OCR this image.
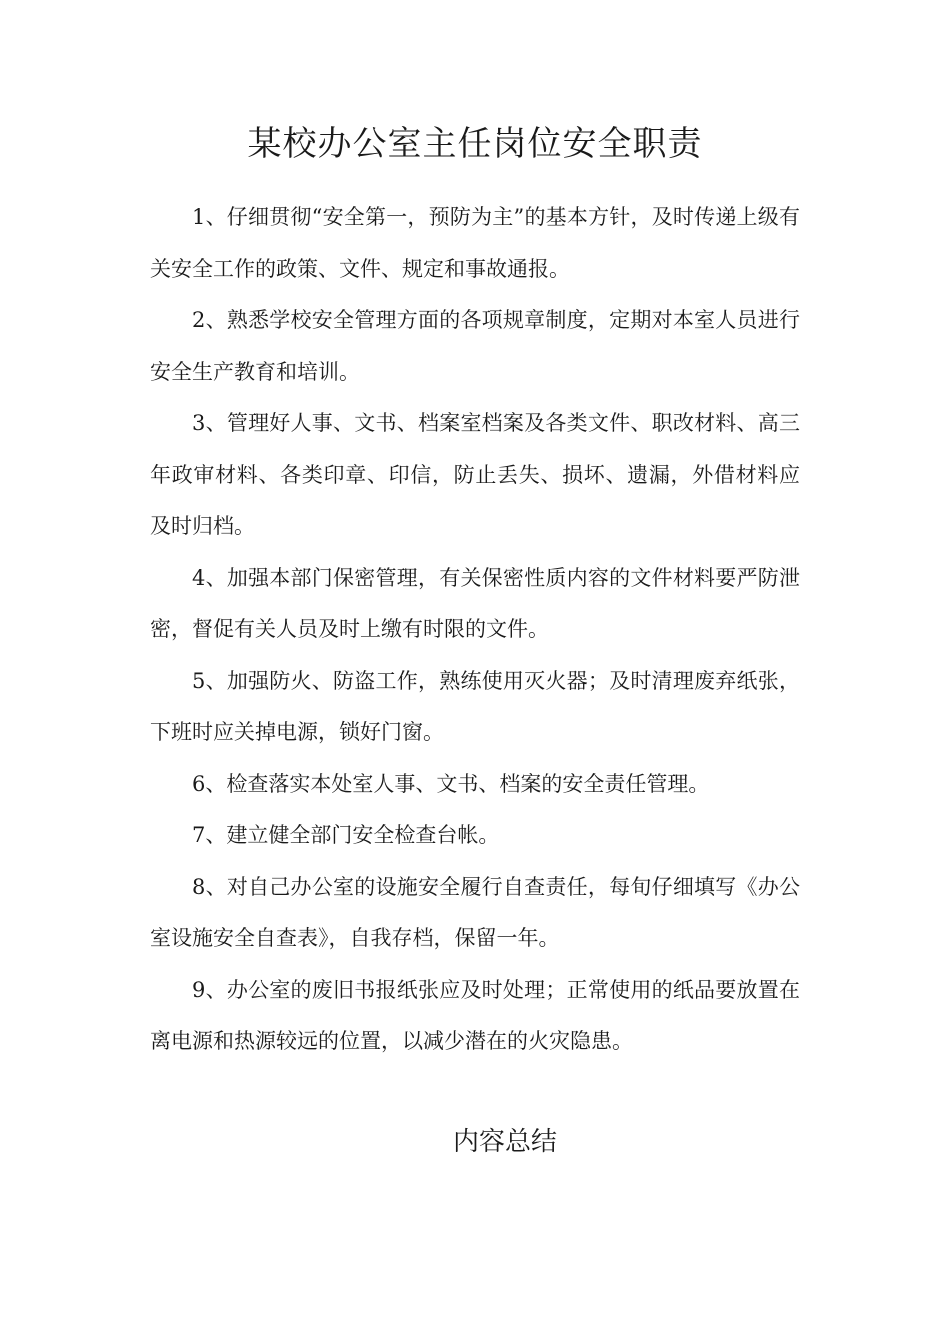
某校办公室主任岗位安全职责

1、仔细贯彻“安全第一，预防为主”的基本方针，及时传递上级有关安全工作的政策、文件、规定和事故通报。

2、熟悉学校安全管理方面的各项规章制度，定期对本室人员进行安全生产教育和培训。

3、管理好人事、文书、档案室档案及各类文件、职改材料、高三年政审材料、各类印章、印信，防止丢失、损坏、遗漏，外借材料应及时归档。

4、加强本部门保密管理，有关保密性质内容的文件材料要严防泄密，督促有关人员及时上缴有时限的文件。

5、加强防火、防盗工作，熟练使用灭火器；及时清理废弃纸张，下班时应关掉电源，锁好门窗。

6、检查落实本处室人事、文书、档案的安全责任管理。

7、建立健全部门安全检查台帐。

8、对自己办公室的设施安全履行自查责任，每旬仔细填写《办公室设施安全自查表》，自我存档，保留一年。

9、办公室的废旧书报纸张应及时处理；正常使用的纸品要放置在离电源和热源较远的位置，以减少潜在的火灾隐患。

内容总结
